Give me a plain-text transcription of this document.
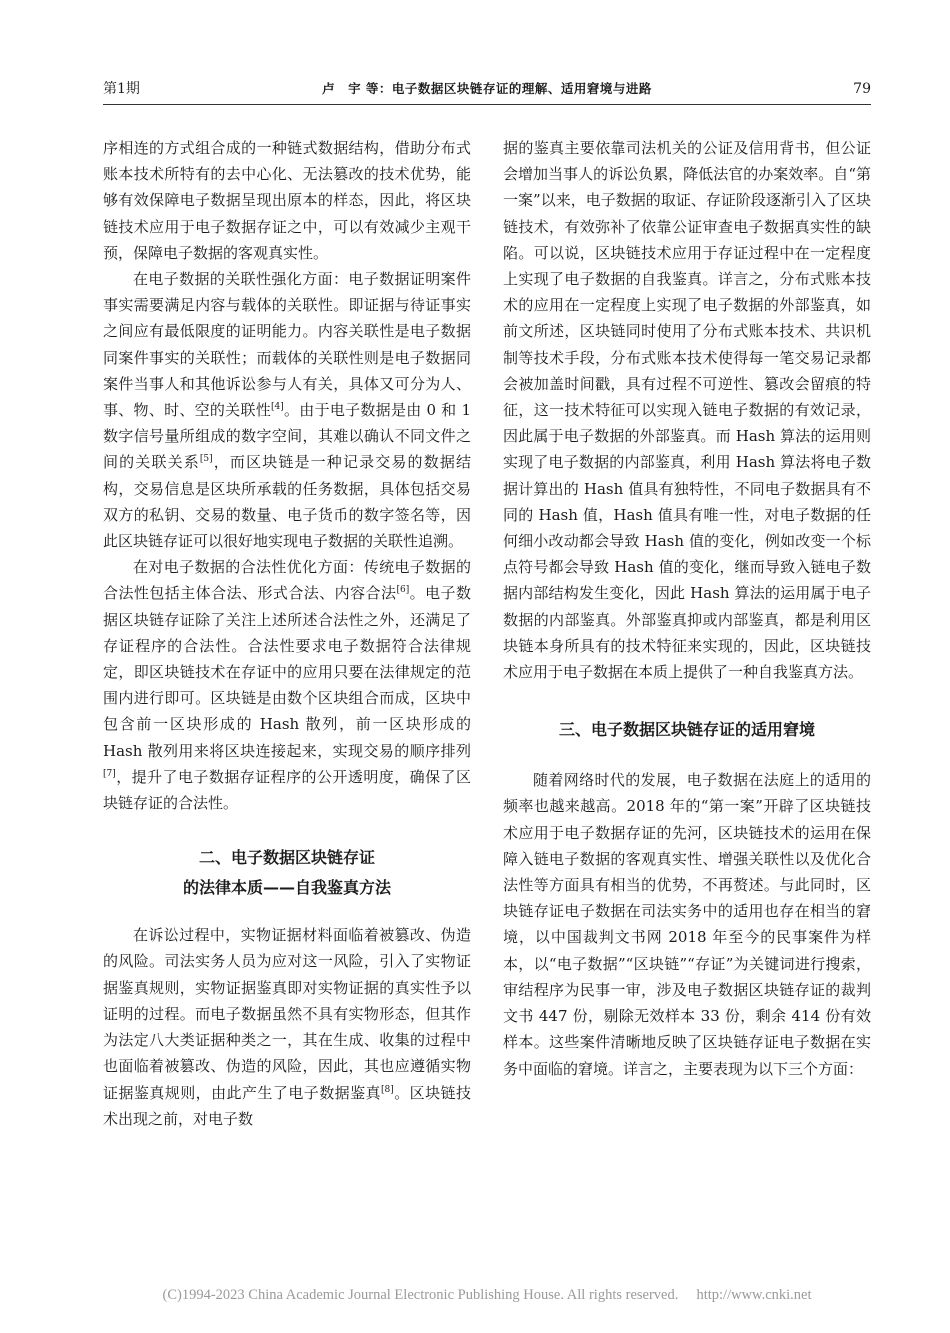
第1期	卢　宇 等：电子数据区块链存证的理解、适用窘境与进路	79

序相连的方式组合成的一种链式数据结构，借助分布式账本技术所特有的去中心化、无法篡改的技术优势，能够有效保障电子数据呈现出原本的样态，因此，将区块链技术应用于电子数据存证之中，可以有效减少主观干预，保障电子数据的客观真实性。

在电子数据的关联性强化方面：电子数据证明案件事实需要满足内容与载体的关联性。即证据与待证事实之间应有最低限度的证明能力。内容关联性是电子数据同案件事实的关联性；而载体的关联性则是电子数据同案件当事人和其他诉讼参与人有关，具体又可分为人、事、物、时、空的关联性[4]。由于电子数据是由 0 和 1 数字信号量所组成的数字空间，其难以确认不同文件之间的关联关系[5]，而区块链是一种记录交易的数据结构，交易信息是区块所承载的任务数据，具体包括交易双方的私钥、交易的数量、电子货币的数字签名等，因此区块链存证可以很好地实现电子数据的关联性追溯。

在对电子数据的合法性优化方面：传统电子数据的合法性包括主体合法、形式合法、内容合法[6]。电子数据区块链存证除了关注上述所述合法性之外，还满足了存证程序的合法性。合法性要求电子数据符合法律规定，即区块链技术在存证中的应用只要在法律规定的范围内进行即可。区块链是由数个区块组合而成，区块中包含前一区块形成的 Hash 散列，前一区块形成的 Hash 散列用来将区块连接起来，实现交易的顺序排列[7]，提升了电子数据存证程序的公开透明度，确保了区块链存证的合法性。

二、电子数据区块链存证
的法律本质——自我鉴真方法

在诉讼过程中，实物证据材料面临着被篡改、伪造的风险。司法实务人员为应对这一风险，引入了实物证据鉴真规则，实物证据鉴真即对实物证据的真实性予以证明的过程。而电子数据虽然不具有实物形态，但其作为法定八大类证据种类之一，其在生成、收集的过程中也面临着被篡改、伪造的风险，因此，其也应遵循实物证据鉴真规则，由此产生了电子数据鉴真[8]。区块链技术出现之前，对电子数

据的鉴真主要依靠司法机关的公证及信用背书，但公证会增加当事人的诉讼负累，降低法官的办案效率。自“第一案”以来，电子数据的取证、存证阶段逐渐引入了区块链技术，有效弥补了依靠公证审查电子数据真实性的缺陷。可以说，区块链技术应用于存证过程中在一定程度上实现了电子数据的自我鉴真。详言之，分布式账本技术的应用在一定程度上实现了电子数据的外部鉴真，如前文所述，区块链同时使用了分布式账本技术、共识机制等技术手段，分布式账本技术使得每一笔交易记录都会被加盖时间戳，具有过程不可逆性、篡改会留痕的特征，这一技术特征可以实现入链电子数据的有效记录，因此属于电子数据的外部鉴真。而 Hash 算法的运用则实现了电子数据的内部鉴真，利用 Hash 算法将电子数据计算出的 Hash 值具有独特性，不同电子数据具有不同的 Hash 值，Hash 值具有唯一性，对电子数据的任何细小改动都会导致 Hash 值的变化，例如改变一个标点符号都会导致 Hash 值的变化，继而导致入链电子数据内部结构发生变化，因此 Hash 算法的运用属于电子数据的内部鉴真。外部鉴真抑或内部鉴真，都是利用区块链本身所具有的技术特征来实现的，因此，区块链技术应用于电子数据在本质上提供了一种自我鉴真方法。

三、电子数据区块链存证的适用窘境

随着网络时代的发展，电子数据在法庭上的适用的频率也越来越高。2018 年的“第一案”开辟了区块链技术应用于电子数据存证的先河，区块链技术的运用在保障入链电子数据的客观真实性、增强关联性以及优化合法性等方面具有相当的优势，不再赘述。与此同时，区块链存证电子数据在司法实务中的适用也存在相当的窘境，以中国裁判文书网 2018 年至今的民事案件为样本，以“电子数据”“区块链”“存证”为关键词进行搜索，审结程序为民事一审，涉及电子数据区块链存证的裁判文书 447 份，剔除无效样本 33 份，剩余 414 份有效样本。这些案件清晰地反映了区块链存证电子数据在实务中面临的窘境。详言之，主要表现为以下三个方面：

(C)1994-2023 China Academic Journal Electronic Publishing House. All rights reserved.　 http://www.cnki.net
